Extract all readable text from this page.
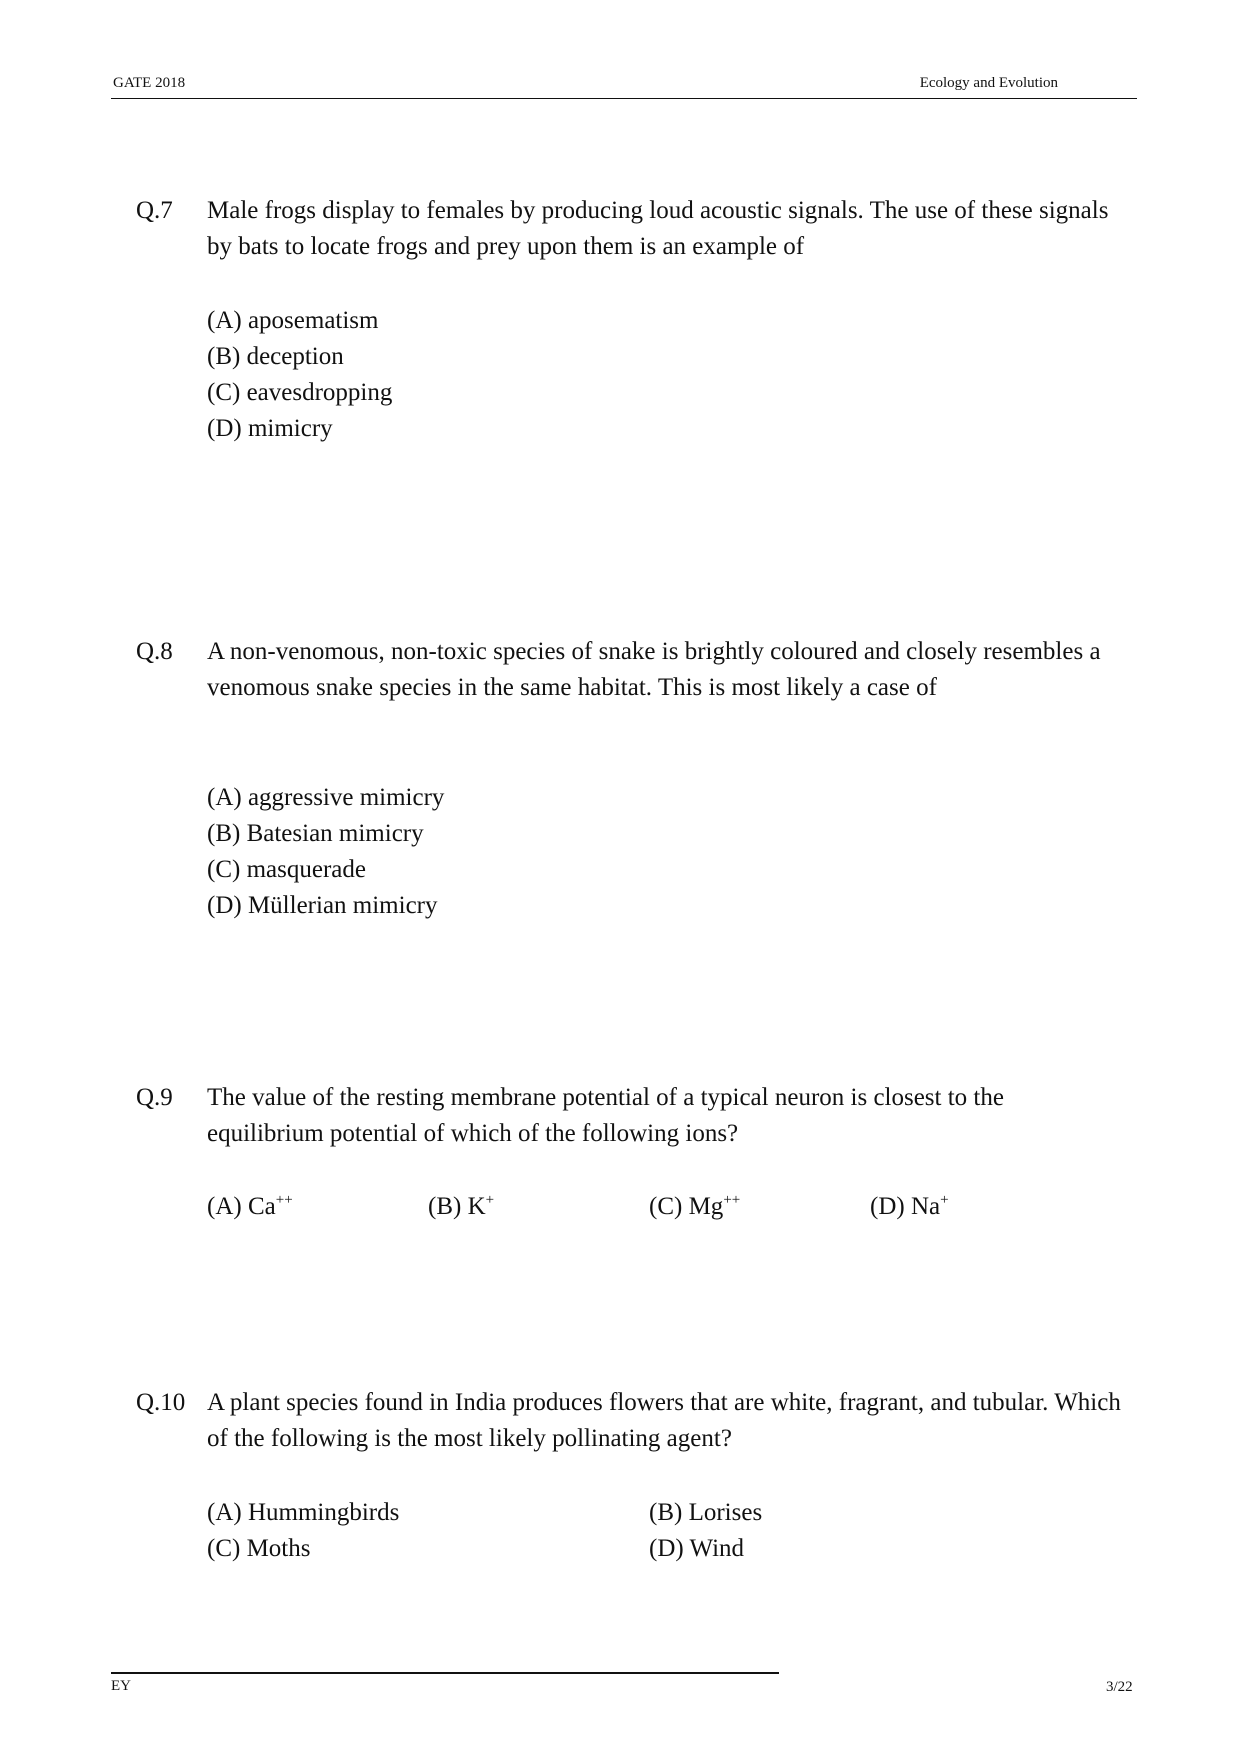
GATE 2018	Ecology and Evolution
Q.7 Male frogs display to females by producing loud acoustic signals. The use of these signals by bats to locate frogs and prey upon them is an example of
(A) aposematism
(B) deception
(C) eavesdropping
(D) mimicry
Q.8 A non-venomous, non-toxic species of snake is brightly coloured and closely resembles a venomous snake species in the same habitat. This is most likely a case of
(A) aggressive mimicry
(B) Batesian mimicry
(C) masquerade
(D) Müllerian mimicry
Q.9 The value of the resting membrane potential of a typical neuron is closest to the equilibrium potential of which of the following ions?
(A) Ca++	(B) K+	(C) Mg++	(D) Na+
Q.10 A plant species found in India produces flowers that are white, fragrant, and tubular. Which of the following is the most likely pollinating agent?
(A) Hummingbirds	(B) Lorises
(C) Moths	(D) Wind
EY	3/22
